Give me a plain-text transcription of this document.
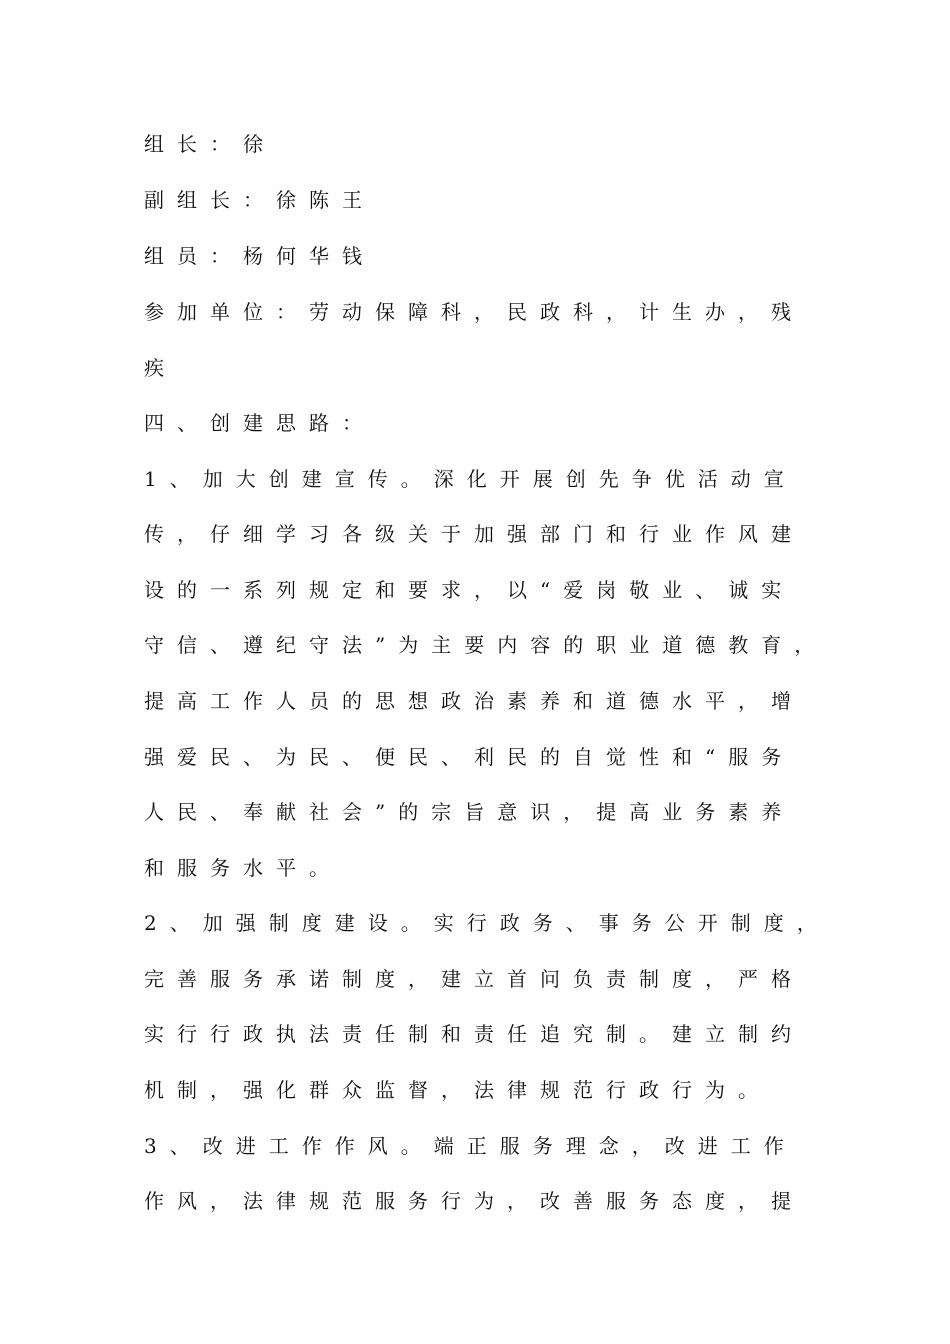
组长：徐
副组长：徐陈王
组员：杨何华钱
参加单位：劳动保障科，民政科，计生办，残
疾
四、创建思路：
1、加大创建宣传。深化开展创先争优活动宣
传，仔细学习各级关于加强部门和行业作风建
设的一系列规定和要求，以“爱岗敬业、诚实
守信、遵纪守法”为主要内容的职业道德教育，
提高工作人员的思想政治素养和道德水平，增
强爱民、为民、便民、利民的自觉性和“服务
人民、奉献社会”的宗旨意识，提高业务素养
和服务水平。
2、加强制度建设。实行政务、事务公开制度，
完善服务承诺制度，建立首问负责制度，严格
实行行政执法责任制和责任追究制。建立制约
机制，强化群众监督，法律规范行政行为。
3、改进工作作风。端正服务理念，改进工作
作风，法律规范服务行为，改善服务态度，提
